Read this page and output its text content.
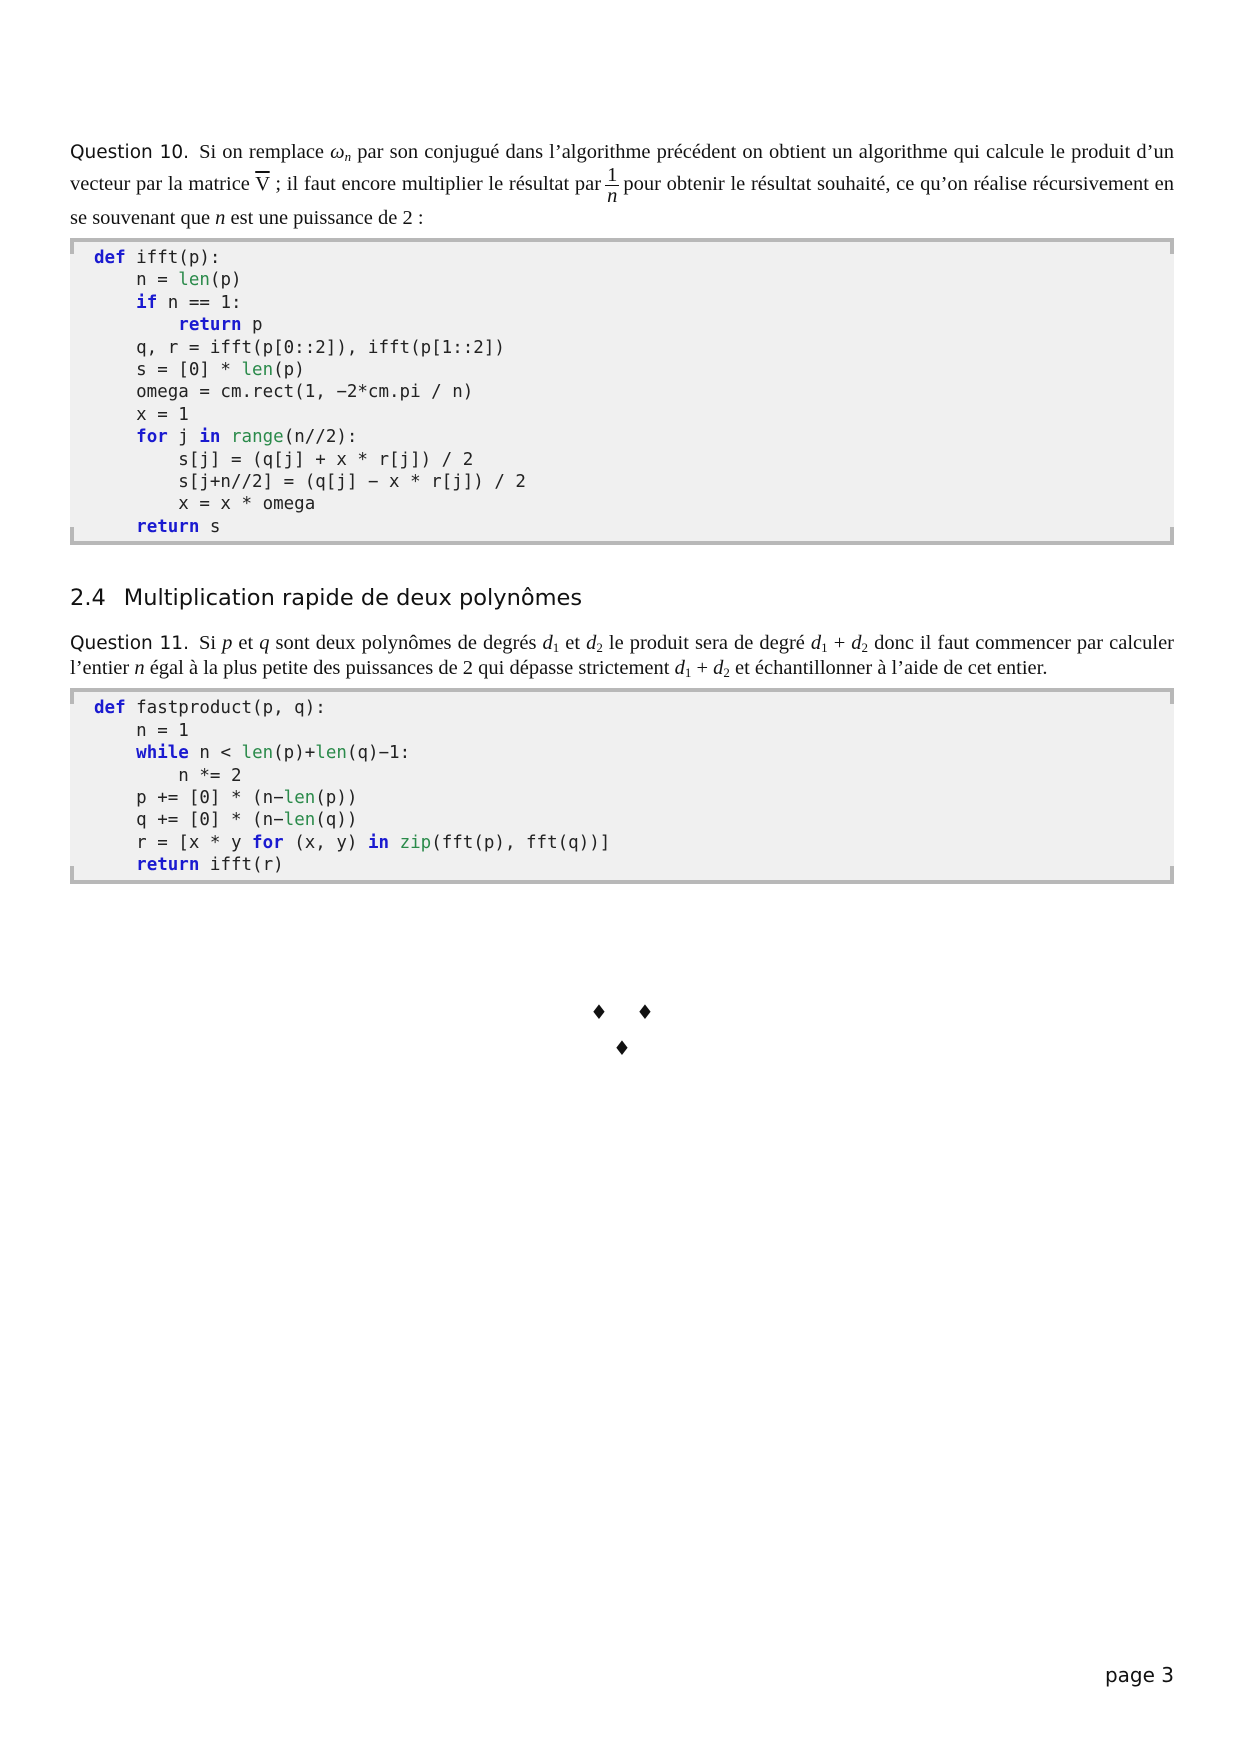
Question 10. Si on remplace $\omega_n$ par son conjugué dans l’algorithme précédent on obtient un algorithme qui calcule le produit d’un vecteur par la matrice $\overline{V}$ ; il faut encore multiplier le résultat par $\frac{1}{n}$ pour obtenir le résultat souhaité, ce qu’on réalise récursivement en se souvenant que n est une puissance de 2 :

def ifft(p):
n = len(p)
if n == 1:
return p
q, r = ifft(p[0::2]), ifft(p[1::2])
s = [0] * len(p)
omega = cm.rect(1, −2*cm.pi / n)
x = 1
for j in range(n//2):
s[j] = (q[j] + x * r[j]) / 2
s[j+n//2] = (q[j] − x * r[j]) / 2
x = x * omega
return s
2.4 Multiplication rapide de deux polynômes

Question 11. Si p et q sont deux polynômes de degrés $d_1$ et $d_2$ le produit sera de degré $d_1 + d_2$ donc il faut commencer par calculer l’entier n égal à la plus petite des puissances de 2 qui dépasse strictement $d_1 + d_2$ et échantillonner à l’aide de cet entier.

def fastproduct(p, q):
n = 1
while n < len(p)+len(q)−1:
n *= 2
p += [0] * (n−len(p))
q += [0] * (n−len(q))
r = [x * y for (x, y) in zip(fft(p), fft(q))]
return ifft(r)
♦ ♦
♦
page 3
